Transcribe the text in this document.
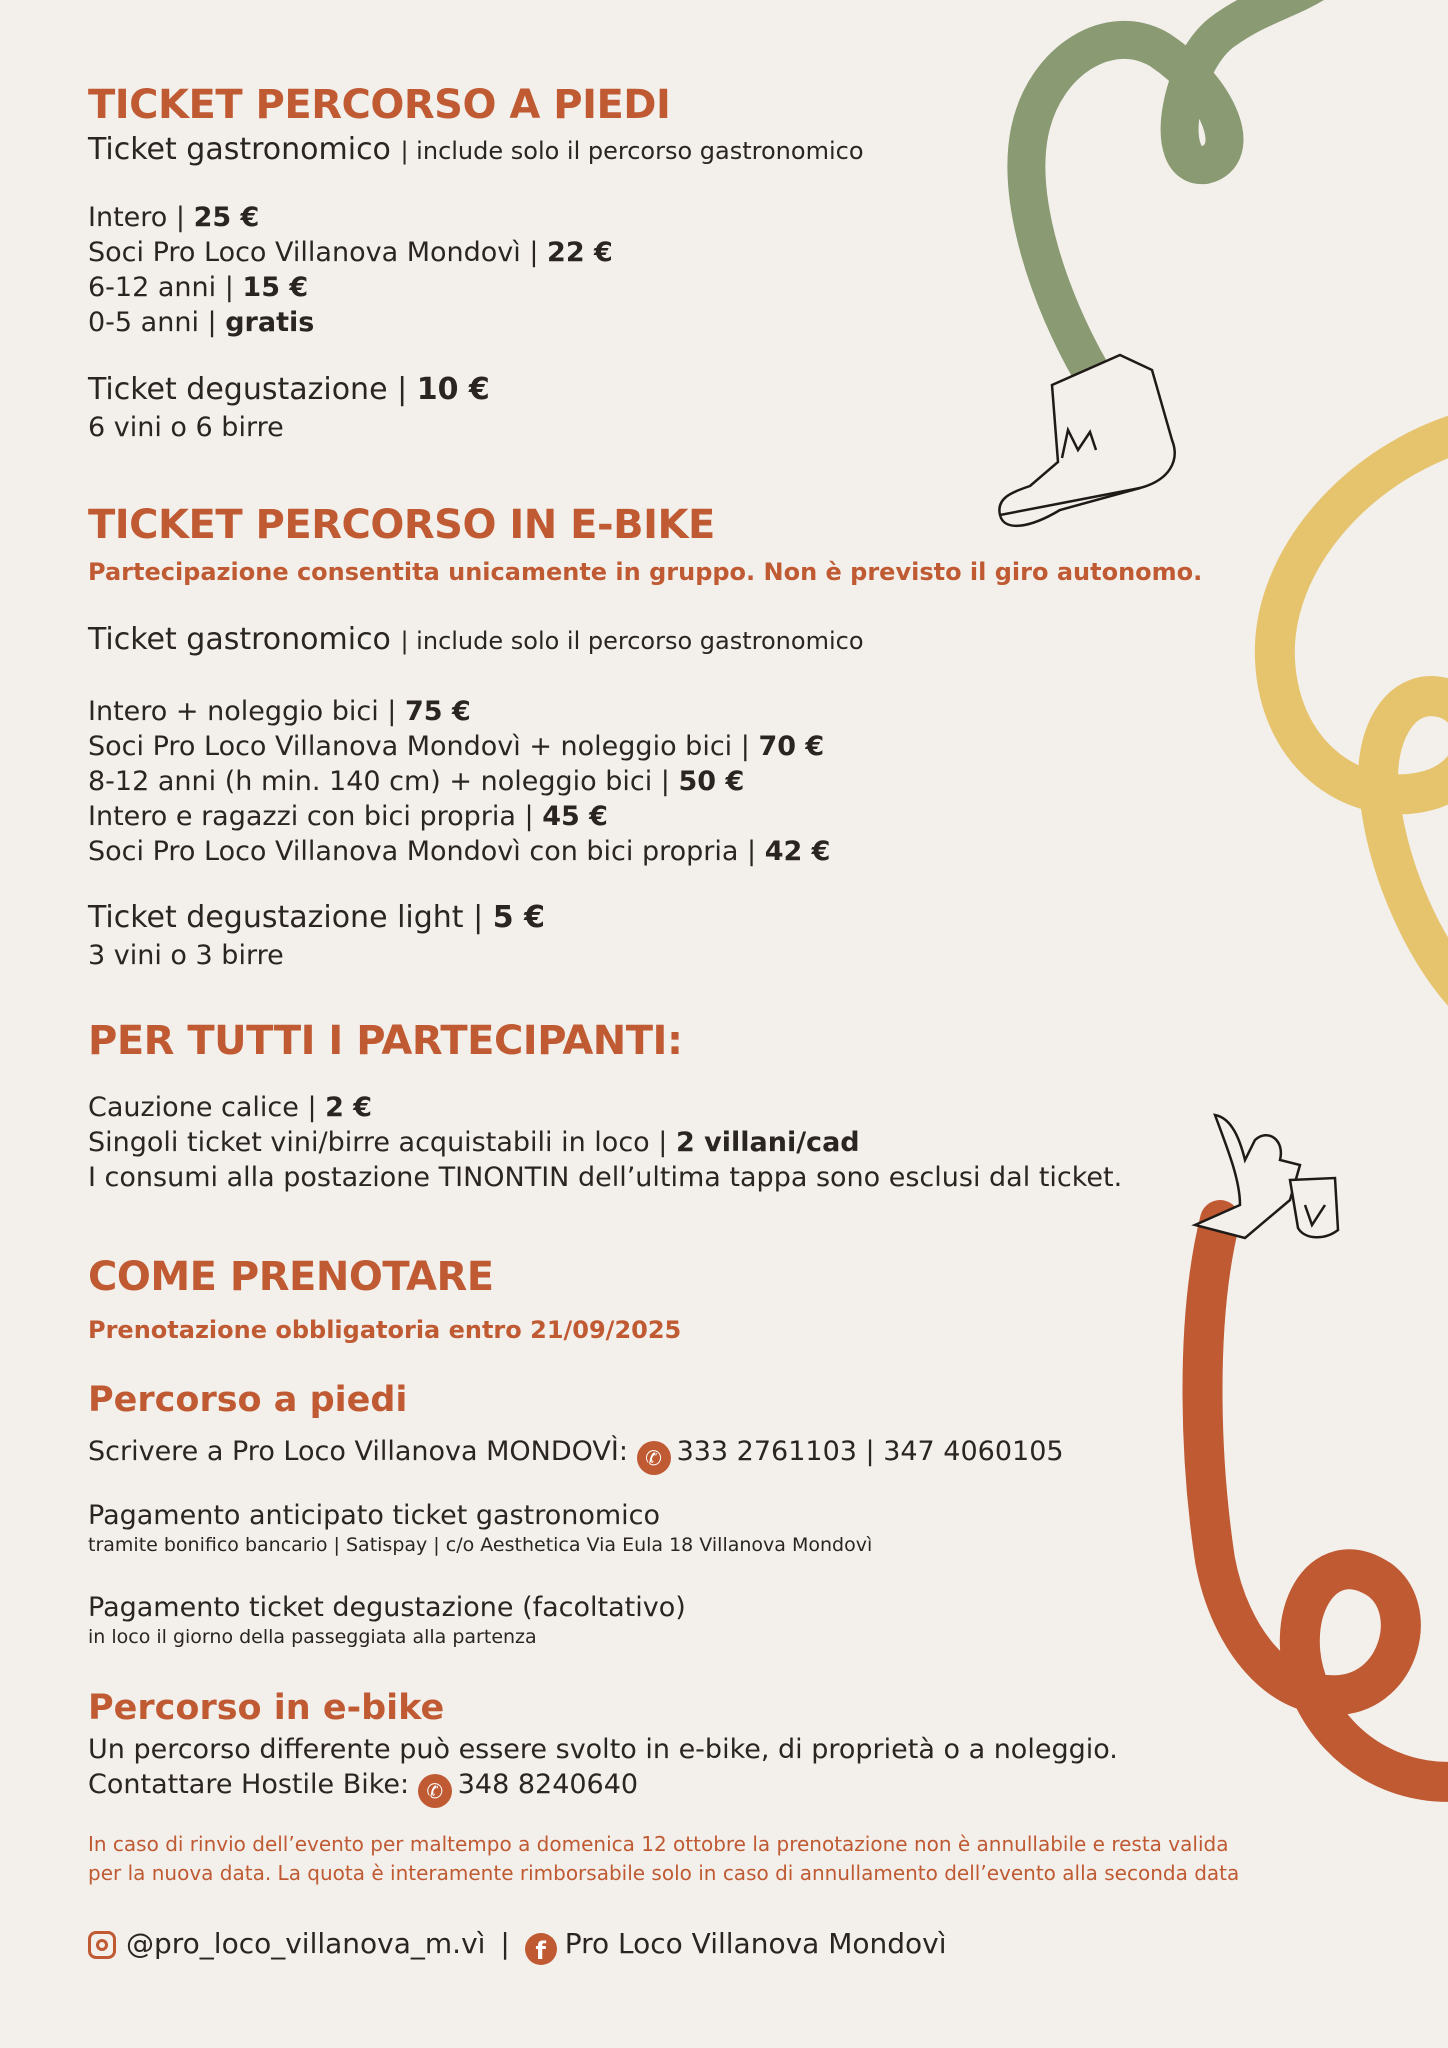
TICKET PERCORSO A PIEDI
Ticket gastronomico | include solo il percorso gastronomico
Intero | 25 €
Soci Pro Loco Villanova Mondovì | 22 €
6-12 anni | 15 €
0-5 anni | gratis
Ticket degustazione | 10 €
6 vini o 6 birre
TICKET PERCORSO IN E-BIKE
Partecipazione consentita unicamente in gruppo. Non è previsto il giro autonomo.
Ticket gastronomico | include solo il percorso gastronomico
Intero + noleggio bici | 75 €
Soci Pro Loco Villanova Mondovì + noleggio bici | 70 €
8-12 anni (h min. 140 cm) + noleggio bici | 50 €
Intero e ragazzi con bici propria | 45 €
Soci Pro Loco Villanova Mondovì con bici propria | 42 €
Ticket degustazione light | 5 €
3 vini o 3 birre
PER TUTTI I PARTECIPANTI:
Cauzione calice | 2 €
Singoli ticket vini/birre acquistabili in loco | 2 villani/cad
I consumi alla postazione TINONTIN dell’ultima tappa sono esclusi dal ticket.
COME PRENOTARE
Prenotazione obbligatoria entro 21/09/2025
Percorso a piedi
Scrivere a Pro Loco Villanova MONDOVÌ: ✆ 333 2761103 | 347 4060105
Pagamento anticipato ticket gastronomico
tramite bonifico bancario | Satispay | c/o Aesthetica Via Eula 18 Villanova Mondovì
Pagamento ticket degustazione (facoltativo)
in loco il giorno della passeggiata alla partenza
Percorso in e-bike
Un percorso differente può essere svolto in e-bike, di proprietà o a noleggio.
Contattare Hostile Bike: ✆ 348 8240640
In caso di rinvio dell’evento per maltempo a domenica 12 ottobre la prenotazione non è annullabile e resta valida
per la nuova data. La quota è interamente rimborsabile solo in caso di annullamento dell’evento alla seconda data
@pro_loco_villanova_m.vì | f Pro Loco Villanova Mondovì
